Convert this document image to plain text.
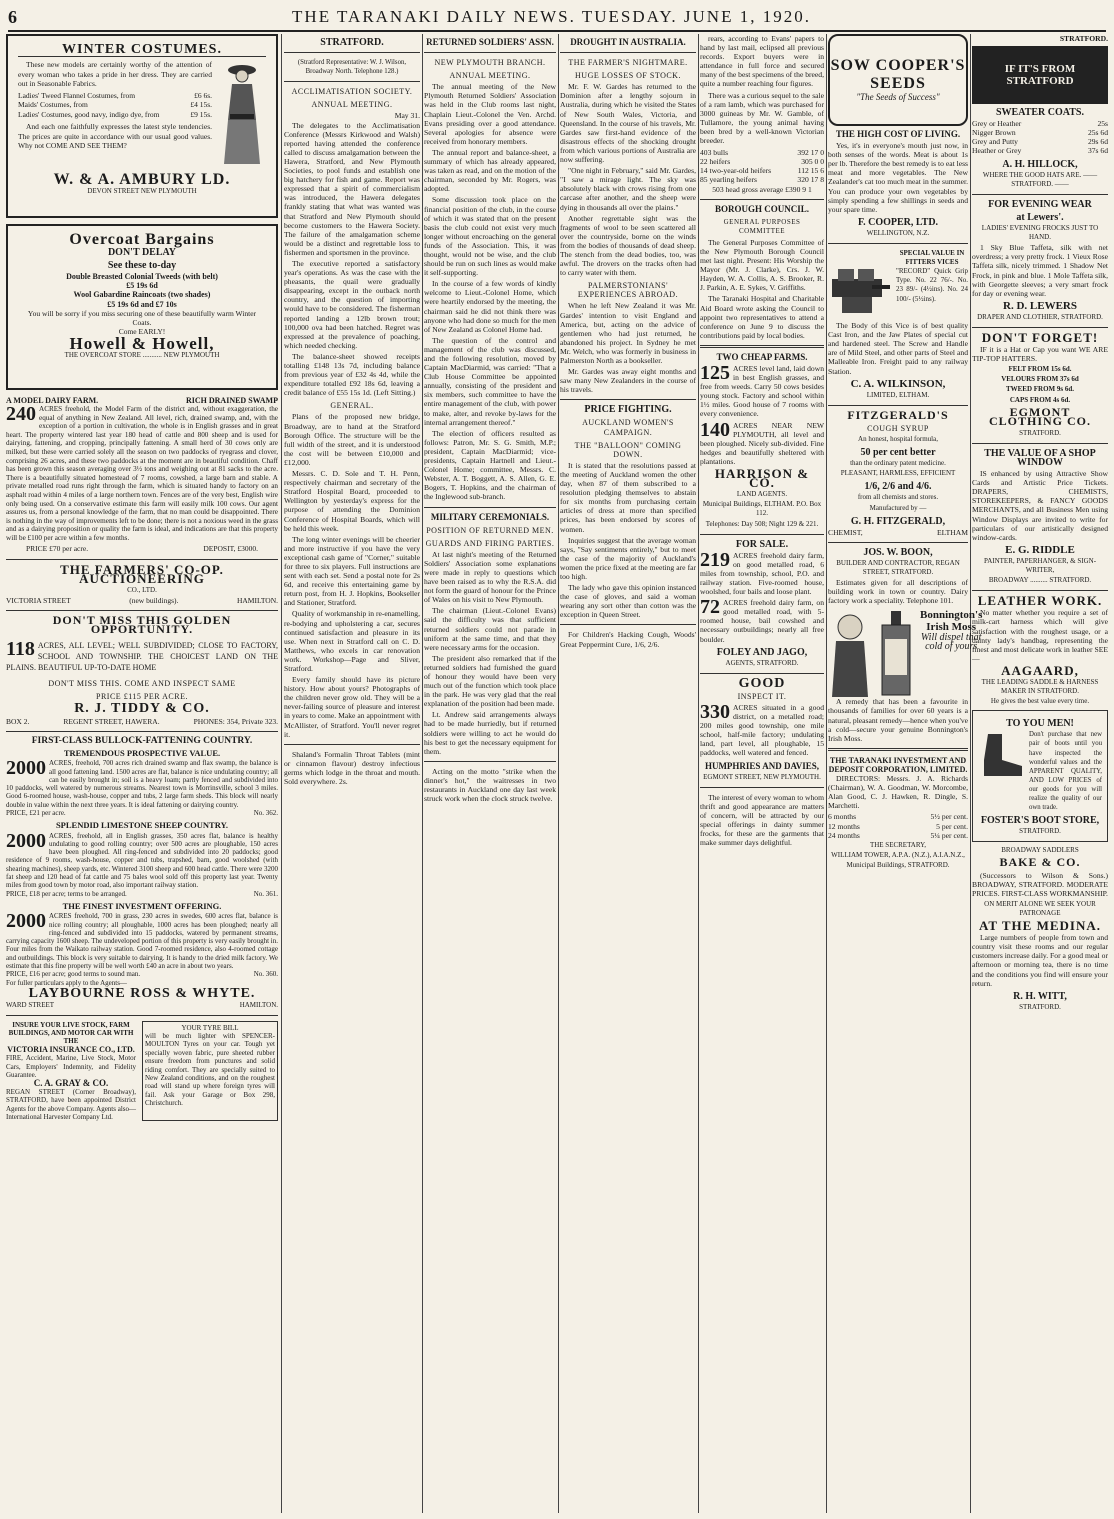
6	THE TARANAKI DAILY NEWS. TUESDAY. JUNE 1, 1920.
WINTER COSTUMES.

These new models are certainly worthy of the attention of every woman who takes a pride in her dress. They are carried out in Seasonable Fabrics.

Ladies' Tweed Flannel Costumes, from	£6 6s.
Maids' Costumes, from	£4 15s.
Ladies' Costumes, good navy, indigo dye, from	£9 15s.

And each one faithfully expresses the latest style tendencies. The prices are quite in accordance with our usual good values. Why not COME AND SEE THEM?

W. & A. AMBURY LD.
DEVON STREET NEW PLYMOUTH
Overcoat Bargains
DON'T DELAY
See these to-day
Double Breasted Colonial Tweeds (with belt)
£5 19s 6d
Wool Gabardine Raincoats (two shades)
£5 19s 6d and £7 10s
You will be sorry if you miss securing one of these beautifully warm Winter Coats.
Come EARLY!
Howell & Howell,
THE OVERCOAT STORE ........... NEW PLYMOUTH
A MODEL DAIRY FARM.	RICH DRAINED SWAMP
240 ACRES freehold, the Model Farm of the district and, without exaggeration, the equal of anything in New Zealand. All level, rich, drained swamp, and, with the exception of a portion in cultivation, the whole is in English grasses and in great heart. The property wintered last year 180 head of cattle and 800 sheep and is used for dairying, fattening, and cropping, principally fattening. A small herd of 30 cows only are milked, but these were carried solely all the season on two paddocks of ryegrass and clover, comprising 26 acres, and these two paddocks at the moment are in beautiful condition. Chaff has been grown this season averaging over 3½ tons and weighing out at 81 sacks to the acre. There is a beautifully situated homestead of 7 rooms, cowshed, a large barn and stable. A private metalled road runs right through the farm, which is situated handy to factory on an asphalt road within 4 miles of a large northern town. Fences are of the very best, English wire only being used. On a conservative estimate this farm will easily milk 100 cows. Our agent assures us, from a personal knowledge of the farm, that no man could be disappointed. There is nothing in the way of improvements left to be done; there is not a noxious weed in the grass and as a dairying proposition or quality the farm is ideal, and indications are that this property will be £100 per acre within a few months.
PRICE £70 per acre.	DEPOSIT, £3000.
THE FARMERS' CO-OP. AUCTIONEERING
CO., LTD.
VICTORIA STREET	(new buildings).	HAMILTON.
DON'T MISS THIS GOLDEN OPPORTUNITY.
118 ACRES, ALL LEVEL; WELL SUBDIVIDED; CLOSE TO FACTORY, SCHOOL AND TOWNSHIP. THE CHOICEST LAND ON THE PLAINS. BEAUTIFUL UP-TO-DATE HOME
DON'T MISS THIS. COME AND INSPECT SAME
PRICE £115 PER ACRE.
R. J. TIDDY & CO.
BOX 2.	REGENT STREET, HAWERA.	PHONES: 354, Private 323.
FIRST-CLASS BULLOCK-FATTENING COUNTRY.
TREMENDOUS PROSPECTIVE VALUE.
2000 ACRES, freehold, 700 acres rich drained swamp and flax swamp, the balance is all good fattening land. 1500 acres are flat, balance is nice undulating country; all can be easily brought in; soil is a heavy loam; partly fenced and subdivided into 10 paddocks, well watered by numerous streams. Nearest town is Morrinsville, school 3 miles. Good 6-roomed house, wash-house, copper and tubs, 2 large farm sheds. This block will nearly double in value within the next three years. It is ideal fattening or dairying country.
PRICE, £21 per acre.	No. 362.
SPLENDID LIMESTONE SHEEP COUNTRY.
2000 ACRES, freehold, all in English grasses, 350 acres flat, balance is healthy undulating to good rolling country; over 500 acres are ploughable, 150 acres have been ploughed. All ring-fenced and subdivided into 20 paddocks; good residence of 9 rooms, wash-house, copper and tubs, trapshed, barn, good woolshed (with shearing machines), sheep yards, etc. Wintered 3100 sheep and 600 head cattle. There were 3200 fat sheep and 120 head of fat cattle and 75 bales wool sold off this property last year. Twenty miles from good town by motor road, also important railway station.
PRICE, £18 per acre; terms to be arranged.	No. 361.
THE FINEST INVESTMENT OFFERING.
2000 ACRES freehold, 700 in grass, 230 acres in swedes, 600 acres flat, balance is nice rolling country; all ploughable, 1000 acres has been ploughed; nearly all ring-fenced and subdivided into 15 paddocks, watered by permanent streams, carrying capacity 1600 sheep. The undeveloped portion of this property is very easily brought in. Four miles from the Waikato railway station. Good 7-roomed residence, also 4-roomed cottage and outbuildings. This block is very suitable to dairying. It is handy to the dried milk factory. We estimate that this fine property will be well worth £40 an acre in about two years.
PRICE, £16 per acre; good terms to sound man.	No. 360.
For fuller particulars apply to the Agents—
LAYBOURNE ROSS & WHYTE.
WARD STREET	HAMILTON.
INSURE YOUR LIVE STOCK, FARM BUILDINGS, AND MOTOR CAR WITH THE
VICTORIA INSURANCE CO., LTD.
FIRE, Accident, Marine, Live Stock, Motor Cars, Employers' Indemnity, and Fidelity Guarantee.
C. A. GRAY & CO.
REGAN STREET (Corner Broadway), STRATFORD, have been appointed District Agents for the above Company. Agents also—International Harvester Company Ltd.
YOUR TYRE BILL
will be much lighter with SPENCER-MOULTON Tyres on your car. Tough yet specially woven fabric, pure sheeted rubber ensure freedom from punctures and solid riding comfort. They are specially suited to New Zealand conditions, and on the roughest road will stand up where foreign tyres will fail. Ask your Garage or Box 298, Christchurch.
STRATFORD.
(Stratford Representative: W. J. Wilson, Broadway North. Telephone 128.)
ACCLIMATISATION SOCIETY.
ANNUAL MEETING.
May 31.

The delegates to the Acclimatisation Conference (Messrs Kirkwood and Walsh) reported having attended the conference called to discuss amalgamation between the Hawera, Stratford, and New Plymouth Societies, to pool funds and establish one big hatchery for fish and game. Report was expressed that a spirit of commercialism was introduced, the Hawera delegates frankly stating that what was wanted was that Stratford and New Plymouth should become customers to the Hawera Society. The failure of the amalgamation scheme would be a distinct and regrettable loss to fishermen and sportsmen in the province.

The executive reported a satisfactory year's operations. As was the case with the pheasants, the quail were gradually disappearing, except in the outback north country, and the question of importing would have to be considered. The fisherman reported landing a 12lb brown trout; 100,000 ova had been hatched. Regret was expressed at the prevalence of poaching, which needed checking.

The balance-sheet showed receipts totalling £148 13s 7d, including balance from previous year of £32 4s 4d, while the expenditure totalled £92 18s 6d, leaving a credit balance of £55 15s 1d. (Left Sitting.)

GENERAL.

Plans of the proposed new bridge, Broadway, are to hand at the Stratford Borough Office. The structure will be the full width of the street, and it is understood the cost will be between £10,000 and £12,000.

Messrs. C. D. Sole and T. H. Penn, respectively chairman and secretary of the Stratford Hospital Board, proceeded to Wellington by yesterday's express for the purpose of attending the Dominion Conference of Hospital Boards, which will be held this week.

The long winter evenings will be cheerier and more instructive if you have the very exceptional cash game of "Corner," suitable for three to six players. Full instructions are sent with each set. Send a postal note for 2s 6d, and receive this entertaining game by return post, from H. J. Hopkins, Bookseller and Stationer, Stratford.

Quality of workmanship in re-enamelling, re-bodying and upholstering a car, secures continued satisfaction and pleasure in its use. When next in Stratford call on C. D. Matthews, who excels in car renovation work. Workshop—Page and Sliver, Stratford.

Every family should have its picture history. How about yours? Photographs of the children never grow old. They will be a never-failing source of pleasure and interest in years to come. Make an appointment with McAllister, of Stratford. You'll never regret it.

Shaland's Formalin Throat Tablets (mint or cinnamon flavour) destroy infectious germs which lodge in the throat and mouth. Sold everywhere. 2s.

RETURNED SOLDIERS' ASSN.
NEW PLYMOUTH BRANCH.
ANNUAL MEETING.

The annual meeting of the New Plymouth Returned Soldiers' Association was held in the Club rooms last night, Chaplain Lieut.-Colonel the Ven. Archd. Evans presiding over a good attendance. Several apologies for absence were received from honorary members.

The annual report and balance-sheet, a summary of which has already appeared, was taken as read, and on the motion of the chairman, seconded by Mr. Rogers, was adopted.

Some discussion took place on the financial position of the club, in the course of which it was stated that on the present basis the club could not exist very much longer without encroaching on the general funds of the Association. This, it was thought, would not be wise, and the club should be run on such lines as would make it self-supporting.

In the course of a few words of kindly welcome to Lieut.-Colonel Home, which were heartily endorsed by the meeting, the chairman said he did not think there was anyone who had done so much for the men of New Zealand as Colonel Home had.

The question of the control and management of the club was discussed, and the following resolution, moved by Captain MacDiarmid, was carried: "That a Club House Committee be appointed annually, consisting of the president and six members, such committee to have the entire management of the club, with power to make, alter, and revoke by-laws for the internal arrangement thereof."

The election of officers resulted as follows: Patron, Mr. S. G. Smith, M.P.; president, Captain MacDiarmid; vice-presidents, Captain Hartnell and Lieut.-Colonel Home; committee, Messrs. C. Webster, A. T. Boggett, A. S. Allen, G. E. Bogers, T. Hopkins, and the chairman of the Inglewood sub-branch.

MILITARY CEREMONIALS.
POSITION OF RETURNED MEN.
GUARDS AND FIRING PARTIES.

At last night's meeting of the Returned Soldiers' Association some explanations were made in reply to questions which have been raised as to why the R.S.A. did not form the guard of honour for the Prince of Wales on his visit to New Plymouth.

The chairman (Lieut.-Colonel Evans) said the difficulty was that sufficient returned soldiers could not parade in uniform at the same time, and that they were necessary arms for the occasion.

The president also remarked that if the returned soldiers had furnished the guard of honour they would have been very much out of the function which took place in the park. He was very glad that the real explanation of the position had been made.

Lt. Andrew said arrangements always had to be made hurriedly, but if returned soldiers were willing to act he would do his best to get the necessary equipment for them.

Acting on the motto "strike when the dinner's hot," the waitresses in two restaurants in Auckland one day last week struck work when the clock struck twelve.

DROUGHT IN AUSTRALIA.
THE FARMER'S NIGHTMARE.
HUGE LOSSES OF STOCK.

Mr. F. W. Gardes has returned to the Dominion after a lengthy sojourn in Australia, during which he visited the States of New South Wales, Victoria, and Queensland. In the course of his travels, Mr. Gardes saw first-hand evidence of the disastrous effects of the shocking drought from which various portions of Australia are now suffering.

"One night in February," said Mr. Gardes, "I saw a mirage light. The sky was absolutely black with crows rising from one carcase after another, and the sheep were dying in thousands all over the plains."

Another regrettable sight was the fragments of wool to be seen scattered all over the countryside, borne on the winds from the bodies of thousands of dead sheep. The stench from the dead bodies, too, was awful. The drovers on the tracks often had to carry water with them.

PALMERSTONIANS' EXPERIENCES ABROAD.

When he left New Zealand it was Mr. Gardes' intention to visit England and America, but, acting on the advice of gentlemen who had just returned, he abandoned his project. In Sydney he met Mr. Welch, who was formerly in business in Palmerston North as a bookseller.

Mr. Gardes was away eight months and saw many New Zealanders in the course of his travels.

PRICE FIGHTING.
AUCKLAND WOMEN'S CAMPAIGN.
THE "BALLOON" COMING DOWN.

It is stated that the resolutions passed at the meeting of Auckland women the other day, when 87 of them subscribed to a resolution pledging themselves to abstain for six months from purchasing certain articles of dress at more than specified prices, has been endorsed by scores of women.

Inquiries suggest that the average woman says, "Say sentiments entirely," but to meet the case of the majority of Auckland's women the price fixed at the meeting are far too high.

The lady who gave this opinion instanced the case of gloves, and said a woman wearing any sort other than cotton was the exception in Queen Street.

For Children's Hacking Cough, Woods' Great Peppermint Cure, 1/6, 2/6.

rears, according to Evans' papers to hand by last mail, eclipsed all previous records. Export buyers were in attendance in full force and secured many of the best specimens of the breed, quite a number reaching four figures.

There was a curious sequel to the sale of a ram lamb, which was purchased for 3000 guineas by Mr. W. Gamble, of Tullamore, the young animal having been bred by a well-known Victorian breeder.

403 bulls	392 17 0
22 heifers	305 0 0
14 two-year-old heifers	112 15 6
85 yearling heifers	320 17 8
503 head gross average £390 9 1
BOROUGH COUNCIL.
GENERAL PURPOSES COMMITTEE

The General Purposes Committee of the New Plymouth Borough Council met last night. Present: His Worship the Mayor (Mr. J. Clarke), Crs. J. W. Hayden, W. A. Collis, A. S. Brooker, R. J. Parkin, A. E. Sykes, V. Griffiths.

The Taranaki Hospital and Charitable Aid Board wrote asking the Council to appoint two representatives to attend a conference on June 9 to discuss the contributions paid by local bodies.

TWO CHEAP FARMS.
125 ACRES level land, laid down in best English grasses, and free from weeds. Carry 50 cows besides young stock. Factory and school within 1½ miles. Good house of 7 rooms with every convenience.
140 ACRES NEAR NEW PLYMOUTH, all level and been ploughed. Nicely sub-divided. Fine hedges and beautifully sheltered with plantations.
HARRISON & CO.
LAND AGENTS.
Municipal Buildings, ELTHAM. P.O. Box 112.
Telephones: Day 508; Night 129 & 221.
FOR SALE.
219 ACRES freehold dairy farm, on good metalled road, 6 miles from township, school, P.O. and railway station. Five-roomed house, woolshed, four bails and loose plant.
72 ACRES freehold dairy farm, on good metalled road, with 5-roomed house, bail cowshed and necessary outbuildings; nearly all free boulder.
FOLEY AND JAGO,
AGENTS, STRATFORD.
GOOD
INSPECT IT.
330 ACRES situated in a good district, on a metalled road; 200 miles good township, one mile school, half-mile factory; undulating land, part level, all ploughable, 15 paddocks, well watered and fenced.
HUMPHRIES AND DAVIES,
EGMONT STREET, NEW PLYMOUTH.

The interest of every woman to whom thrift and good appearance are matters of concern, will be attracted by our special offerings in dainty summer frocks, for these are the garments that make summer days delightful.

SOW COOPER'S SEEDS
"The Seeds of Success"
THE HIGH COST OF LIVING.

Yes, it's in everyone's mouth just now, in both senses of the words. Meat is about 1s per lb. Therefore the best remedy is to eat less meat and more vegetables. The New Zealander's cat too much meat in the summer. You can produce your own vegetables by simply spending a few shillings in seeds and your spare time.

F. COOPER, LTD.
WELLINGTON, N.Z.
SPECIAL VALUE IN FITTERS VICES
"RECORD" Quick Grip Type. No. 22 76/-. No. 23 89/- (4½ins). No. 24 100/- (5½ins).

The Body of this Vice is of best quality Cast Iron, and the Jaw Plates of special cut and hardened steel. The Screw and Handle are of Mild Steel, and other parts of Steel and Malleable Iron. Freight paid to any railway Station.

C. A. WILKINSON,
LIMITED, ELTHAM.
FITZGERALD'S
COUGH SYRUP
An honest, hospital formula,
50 per cent better
than the ordinary patent medicine.
PLEASANT, HARMLESS, EFFICIENT
1/6, 2/6 and 4/6.
from all chemists and stores.
Manufactured by —
G. H. FITZGERALD,
CHEMIST,	ELTHAM
JOS. W. BOON,
BUILDER AND CONTRACTOR, REGAN STREET, STRATFORD.

Estimates given for all descriptions of building work in town or country. Dairy factory work a speciality. Telephone 101.

Bonnington's Irish Moss
Will dispel that cold of yours

A remedy that has been a favourite in thousands of families for over 60 years is a natural, pleasant remedy—hence when you've a cold—secure your genuine Bonnington's Irish Moss.

THE TARANAKI INVESTMENT AND DEPOSIT CORPORATION, LIMITED.

DIRECTORS: Messrs. J. A. Richards (Chairman), W. A. Goodman, W. Morcombe, Alan Good, C. J. Hawken, R. Dingle, S. Marchetti.

6 months	5½ per cent.
12 months	5 per cent.
24 months	5¼ per cent.
THE SECRETARY,
WILLIAM TOWER, A.P.A. (N.Z.), A.I.A.N.Z.,
Municipal Buildings, STRATFORD.
STRATFORD.
IF IT'S FROM STRATFORD
SWEATER COATS.
Grey or Heather	25s
Nigger Brown	25s 6d
Grey and Putty	29s 6d
Heather or Grey	37s 6d
A. H. HILLOCK,
WHERE THE GOOD HATS ARE. —— STRATFORD. ——
FOR EVENING WEAR
at Lewers'.
LADIES' EVENING FROCKS JUST TO HAND.

1 Sky Blue Taffeta, silk with net overdress; a very pretty frock. 1 Vieux Rose Taffeta silk, nicely trimmed. 1 Shadow Net Frock, in pink and blue. 1 Mole Taffeta silk, with Georgette sleeves; a very smart frock for day or evening wear.

R. D. LEWERS
DRAPER AND CLOTHIER, STRATFORD.
DON'T FORGET!

IF it is a Hat or Cap you want WE ARE TIP-TOP HATTERS.

FELT FROM 15s 6d.
VELOURS FROM 37s 6d
TWEED FROM 9s 6d.
CAPS FROM 4s 6d.
EGMONT CLOTHING CO.
STRATFORD.
THE VALUE OF A SHOP WINDOW

IS enhanced by using Attractive Show Cards and Artistic Price Tickets. DRAPERS, CHEMISTS, STOREKEEPERS, & FANCY GOODS MERCHANTS, and all Business Men using Window Displays are invited to write for particulars of our artistically designed window-cards.

E. G. RIDDLE
PAINTER, PAPERHANGER, & SIGN-WRITER,
BROADWAY .......... STRATFORD.
LEATHER WORK.

No matter whether you require a set of milk-cart harness which will give satisfaction with the roughest usage, or a dainty lady's handbag, representing the finest and most delicate work in leather SEE—

AAGAARD,
THE LEADING SADDLE & HARNESS MAKER IN STRATFORD.
He gives the best value every time.
TO YOU MEN!
Don't purchase that new pair of boots until you have inspected the wonderful values and the APPARENT QUALITY, AND LOW PRICES of our goods for you will realize the quality of our own trade.
FOSTER'S BOOT STORE,
STRATFORD.
BROADWAY SADDLERS
BAKE & CO.

(Successors to Wilson & Sons.) BROADWAY, STRATFORD. MODERATE PRICES. FIRST-CLASS WORKMANSHIP.

ON MERIT ALONE WE SEEK YOUR PATRONAGE
AT THE MEDINA.

Large numbers of people from town and country visit these rooms and our regular customers increase daily. For a good meal or afternoon or morning tea, there is no time and the conditions you find will ensure your return.

R. H. WITT,
STRATFORD.
